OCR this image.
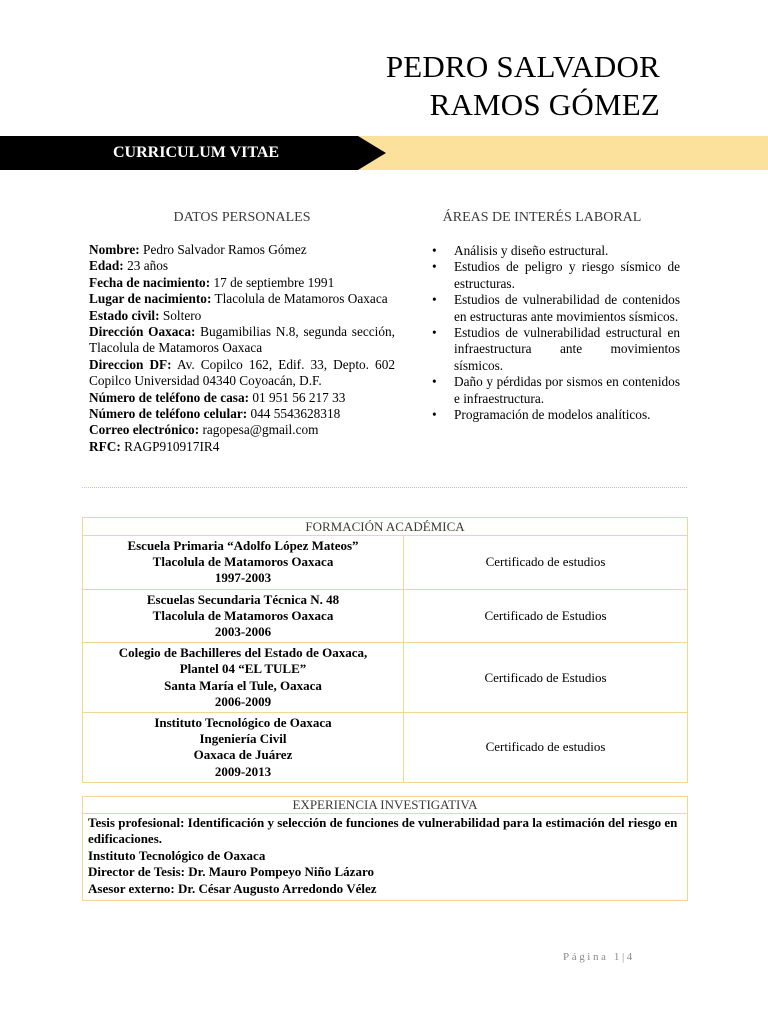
PEDRO SALVADOR
RAMOS GÓMEZ
CURRICULUM VITAE
DATOS PERSONALES
Nombre: Pedro Salvador Ramos Gómez
Edad: 23 años
Fecha de nacimiento: 17 de septiembre 1991
Lugar de nacimiento: Tlacolula de Matamoros Oaxaca
Estado civil: Soltero
Dirección Oaxaca: Bugamibilias N.8, segunda sección, Tlacolula de Matamoros Oaxaca
Direccion DF: Av. Copilco 162, Edif. 33, Depto. 602 Copilco Universidad 04340 Coyoacán, D.F.
Número de teléfono de casa: 01 951 56 217 33
Número de teléfono celular: 044 5543628318
Correo electrónico: ragopesa@gmail.com
RFC: RAGP910917IR4
ÁREAS DE INTERÉS LABORAL
• Análisis y diseño estructural.
• Estudios de peligro y riesgo sísmico de estructuras.
• Estudios de vulnerabilidad de contenidos en estructuras ante movimientos sísmicos.
• Estudios de vulnerabilidad estructural en infraestructura ante movimientos sísmicos.
• Daño y pérdidas por sismos en contenidos e infraestructura.
• Programación de modelos analíticos.
FORMACIÓN ACADÉMICA	

Escuela Primaria “Adolfo López Mateos”
Tlacolula de Matamoros Oaxaca
1997-2003	Certificado de estudios

Escuelas Secundaria Técnica N. 48
Tlacolula de Matamoros Oaxaca
2003-2006	Certificado de Estudios

Colegio de Bachilleres del Estado de Oaxaca,
Plantel 04 “EL TULE”
Santa María el Tule, Oaxaca
2006-2009	Certificado de Estudios

Instituto Tecnológico de Oaxaca
Ingeniería Civil
Oaxaca de Juárez
2009-2013	Certificado de estudios
EXPERIENCIA INVESTIGATIVA

Tesis profesional: Identificación y selección de funciones de vulnerabilidad para la estimación del riesgo en edificaciones.
Instituto Tecnológico de Oaxaca
Director de Tesis: Dr. Mauro Pompeyo Niño Lázaro
Asesor externo: Dr. César Augusto Arredondo Vélez
Página 1|4
